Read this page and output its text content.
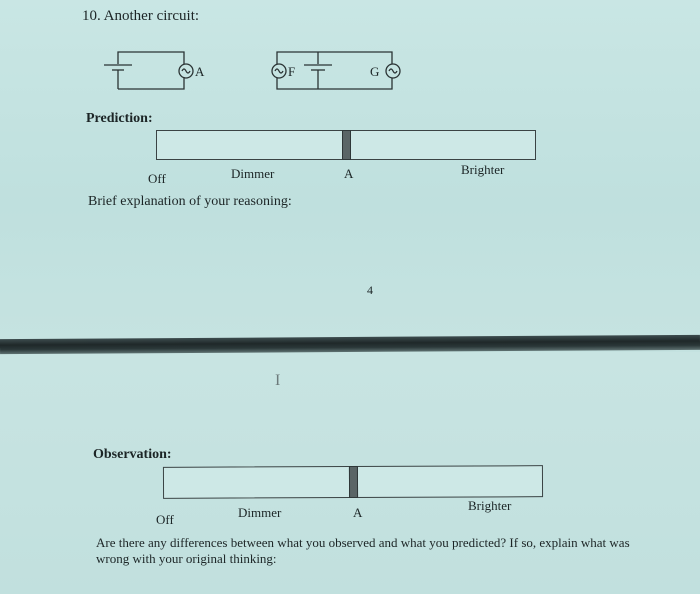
10. Another circuit:
A	F	G
Prediction:
Off	Dimmer	A	Brighter
Brief explanation of your reasoning:
4
I
Observation:
Off	Dimmer	A	Brighter
Are there any differences between what you observed and what you predicted? If so, explain what was wrong with your original thinking:
